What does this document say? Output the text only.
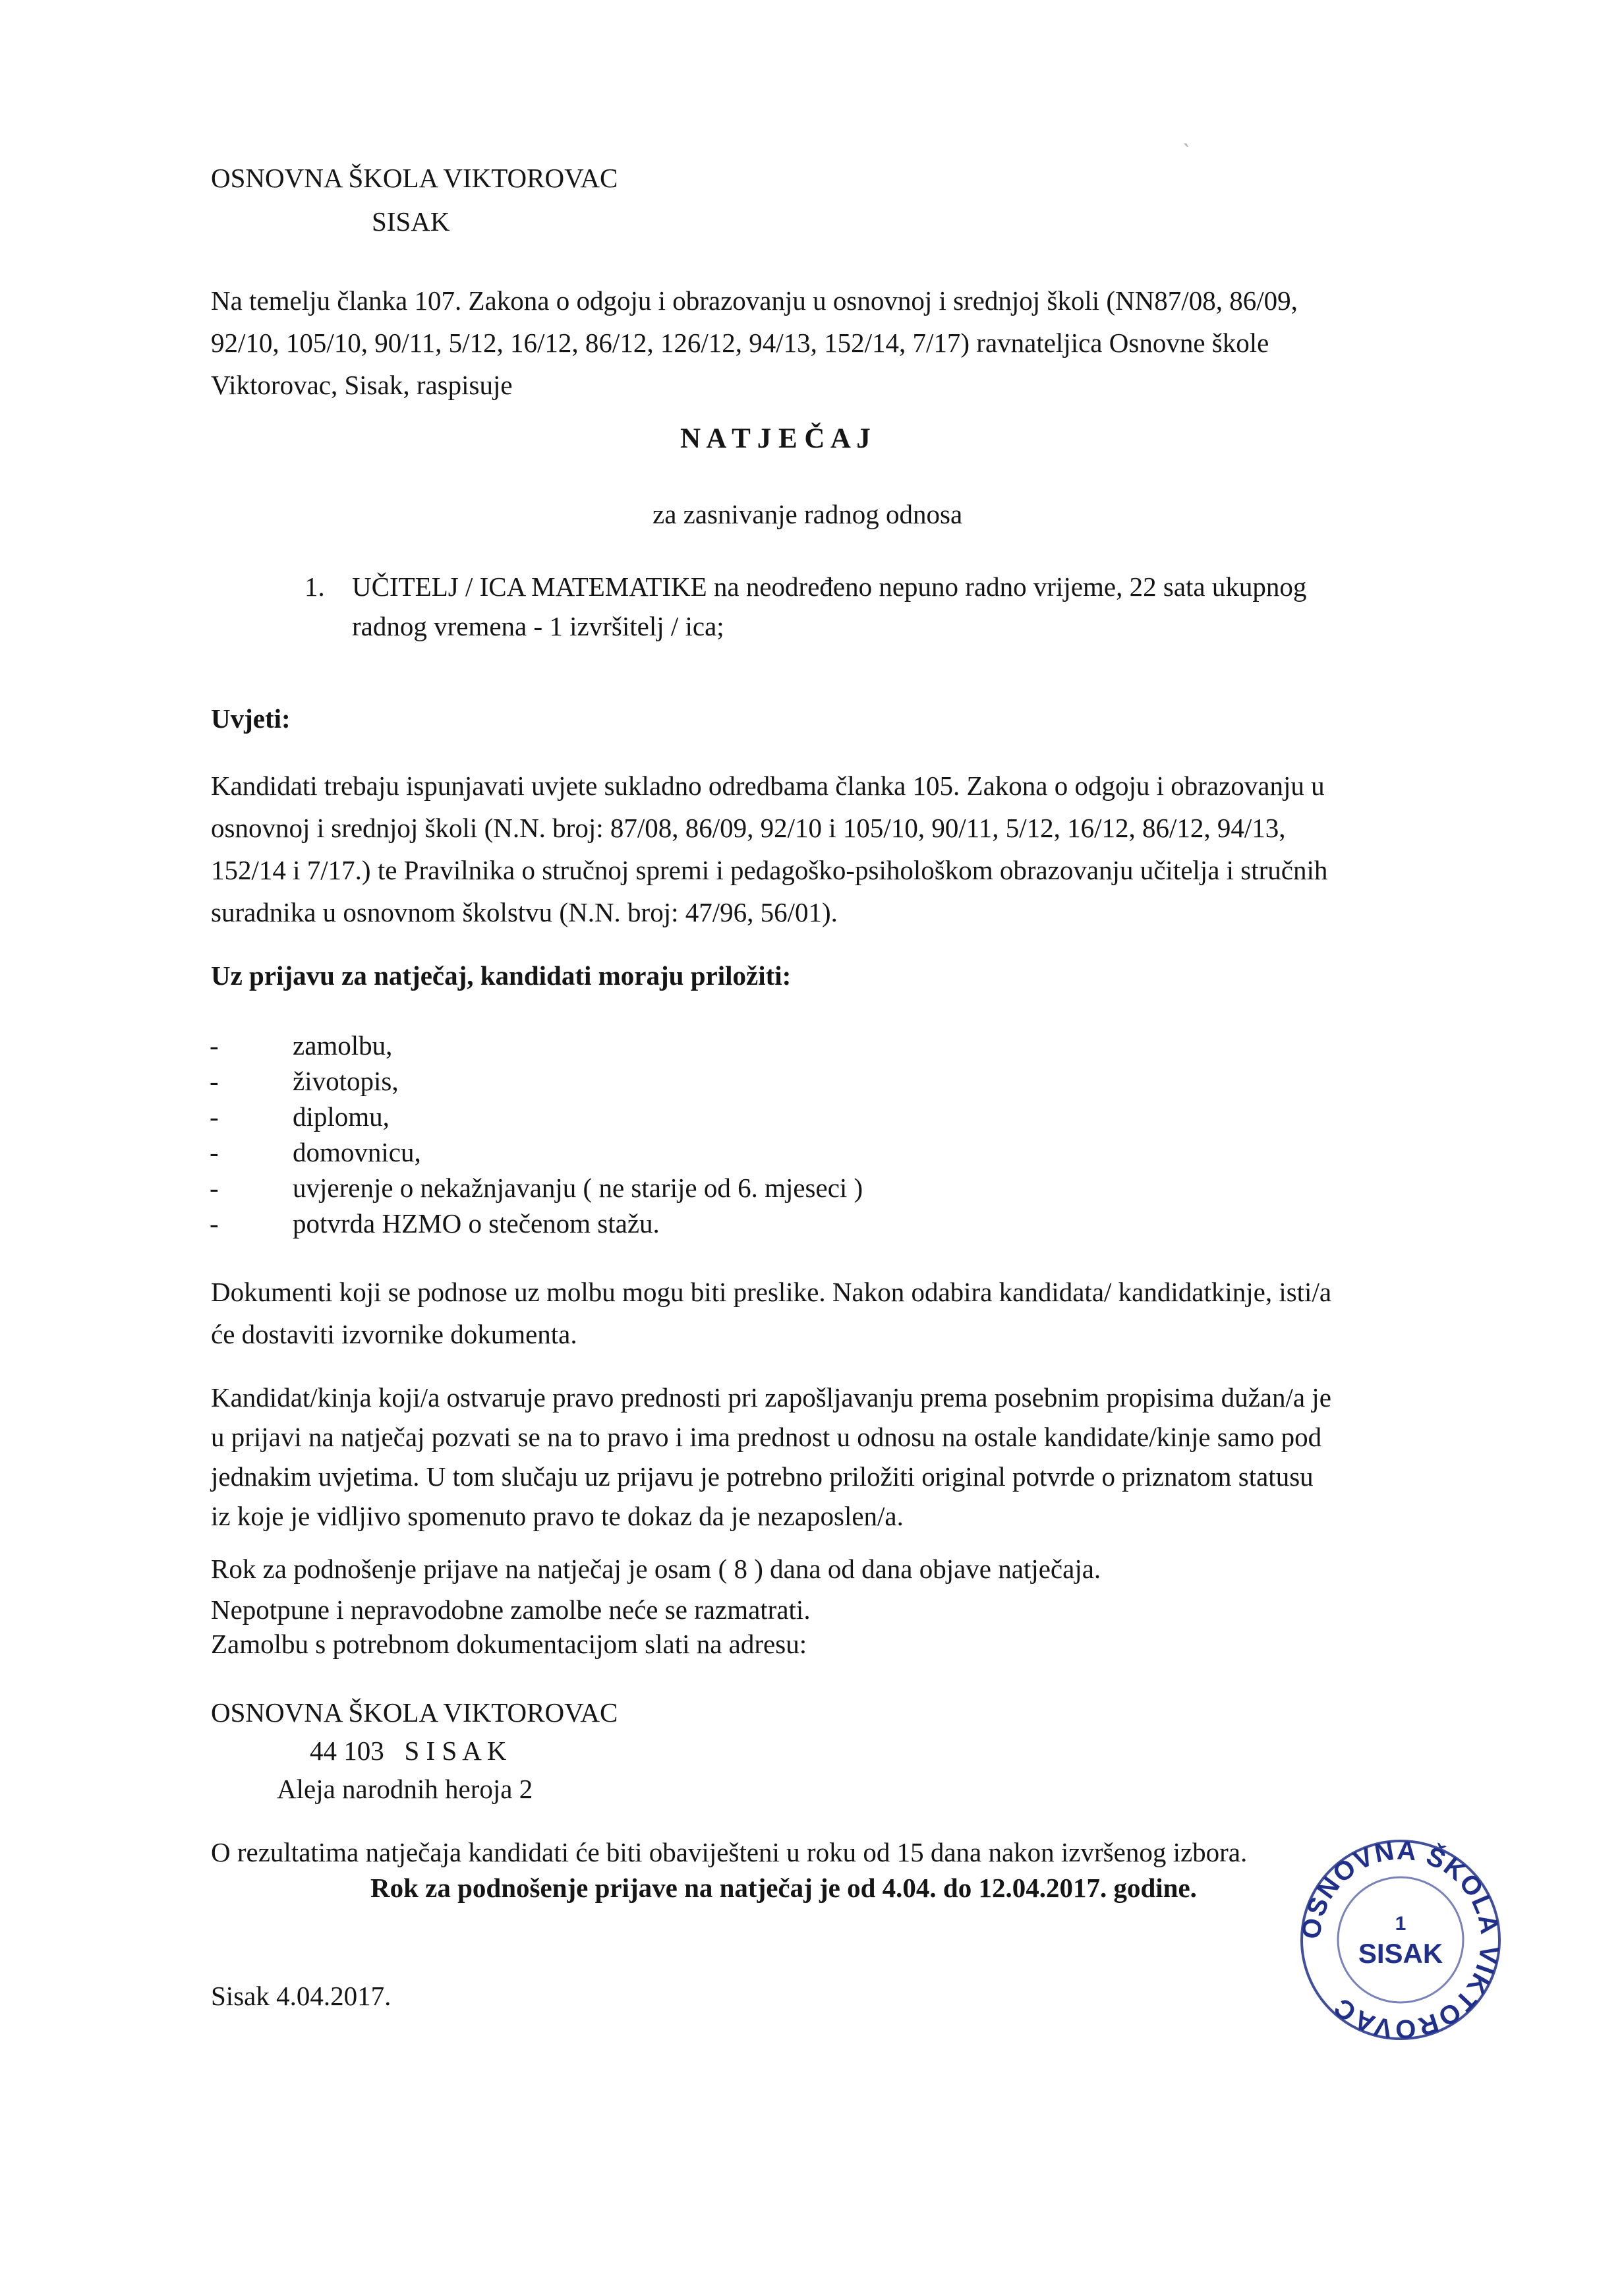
ˎ
OSNOVNA ŠKOLA VIKTOROVAC
SISAK
Na temelju članka 107. Zakona o odgoju i obrazovanju u osnovnoj i srednjoj školi (NN87/08, 86/09,
92/10, 105/10, 90/11, 5/12, 16/12, 86/12, 126/12, 94/13, 152/14, 7/17) ravnateljica Osnovne škole
Viktorovac, Sisak, raspisuje
N A T J E Č A J
za zasnivanje radnog odnosa
1. UČITELJ / ICA MATEMATIKE na neodređeno nepuno radno vrijeme, 22 sata ukupnog
radnog vremena - 1 izvršitelj / ica;
Uvjeti:
Kandidati trebaju ispunjavati uvjete sukladno odredbama članka 105. Zakona o odgoju i obrazovanju u
osnovnoj i srednjoj školi (N.N. broj: 87/08, 86/09, 92/10 i 105/10, 90/11, 5/12, 16/12, 86/12, 94/13,
152/14 i 7/17.) te Pravilnika o stručnoj spremi i pedagoško-psihološkom obrazovanju učitelja i stručnih
suradnika u osnovnom školstvu (N.N. broj: 47/96, 56/01).
Uz prijavu za natječaj, kandidati moraju priložiti:
-	zamolbu,
-	životopis,
-	diplomu,
-	domovnicu,
-	uvjerenje o nekažnjavanju ( ne starije od 6. mjeseci )
-	potvrda HZMO o stečenom stažu.
Dokumenti koji se podnose uz molbu mogu biti preslike. Nakon odabira kandidata/ kandidatkinje, isti/a
će dostaviti izvornike dokumenta.
Kandidat/kinja koji/a ostvaruje pravo prednosti pri zapošljavanju prema posebnim propisima dužan/a je
u prijavi na natječaj pozvati se na to pravo i ima prednost u odnosu na ostale kandidate/kinje samo pod
jednakim uvjetima. U tom slučaju uz prijavu je potrebno priložiti original potvrde o priznatom statusu
iz koje je vidljivo spomenuto pravo te dokaz da je nezaposlen/a.
Rok za podnošenje prijave na natječaj je osam ( 8 ) dana od dana objave natječaja.
Nepotpune i nepravodobne zamolbe neće se razmatrati.
Zamolbu s potrebnom dokumentacijom slati na adresu:
OSNOVNA ŠKOLA VIKTOROVAC
44 103   S I S A K
Aleja narodnih heroja 2
O rezultatima natječaja kandidati će biti obaviješteni u roku od 15 dana nakon izvršenog izbora.
Rok za podnošenje prijave na natječaj je od 4.04. do 12.04.2017. godine.
Sisak 4.04.2017.
OSNOVNA ŠKOLA VIKTOROVAC
1
SISAK
